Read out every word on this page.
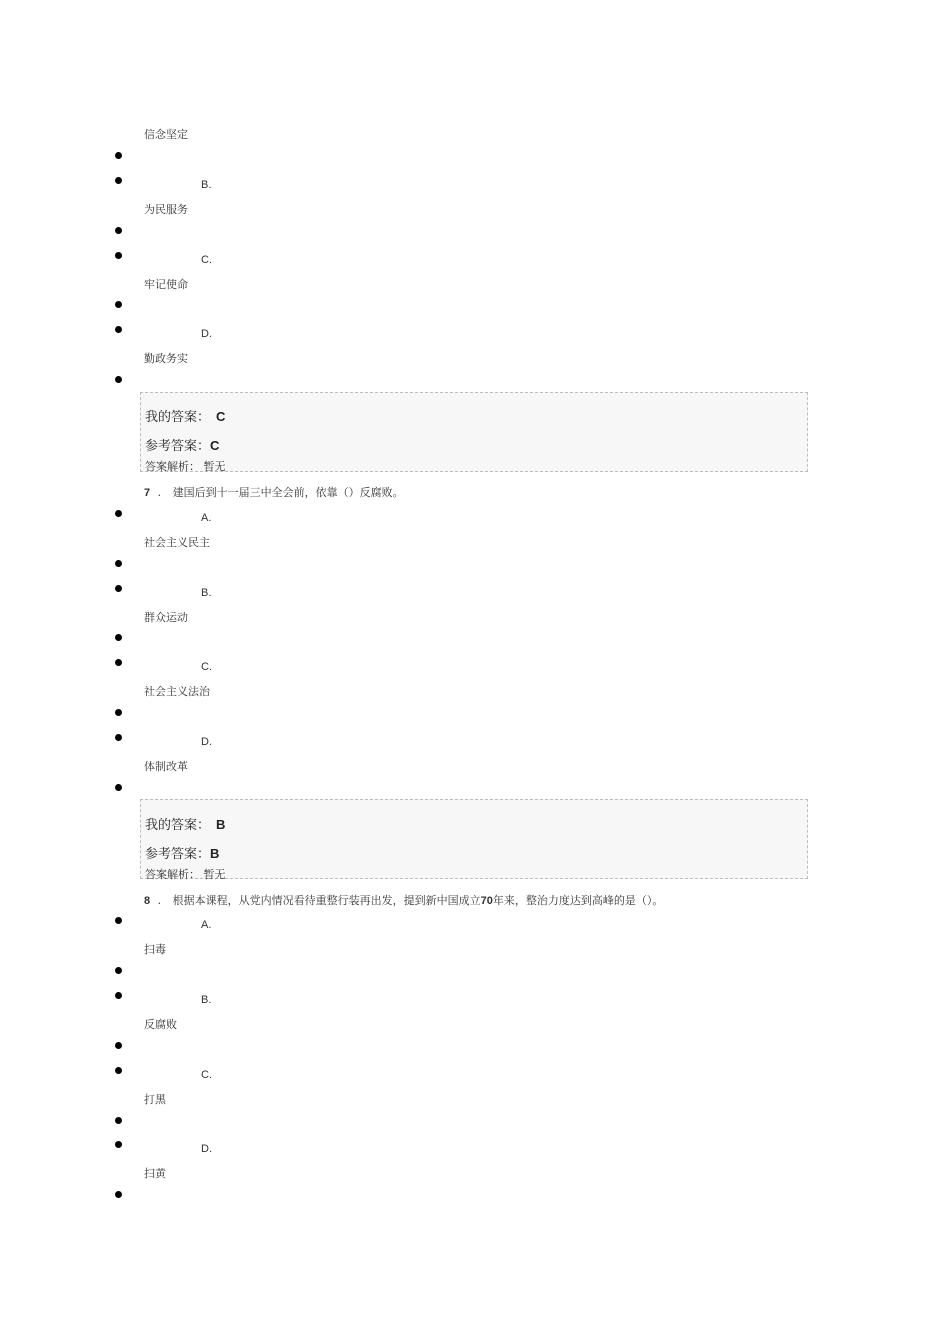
信念坚定
B.
为民服务
C.
牢记使命
D.
勤政务实
我的答案： C
参考答案：C
答案解析： 暂无
7 . 建国后到十一届三中全会前，依靠（）反腐败。
A.
社会主义民主
B.
群众运动
C.
社会主义法治
D.
体制改革
我的答案： B
参考答案：B
答案解析： 暂无
8 . 根据本课程，从党内情况看待重整行装再出发，提到新中国成立70年来，整治力度达到高峰的是（）。
A.
扫毒
B.
反腐败
C.
打黑
D.
扫黄
